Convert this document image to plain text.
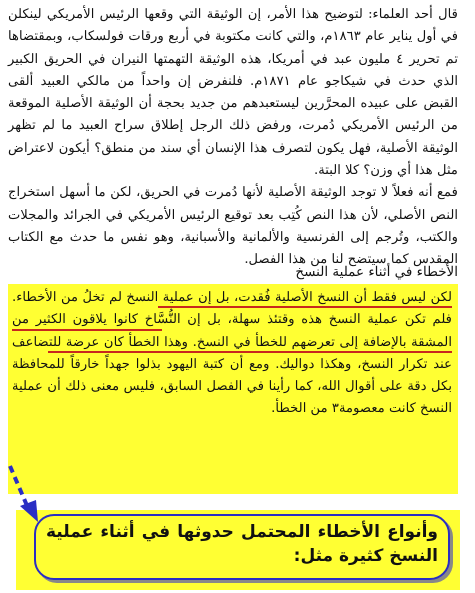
قال أحد العلماء: لتوضيح هذا الأمر، إن الوثيقة التي وقعها الرئيس الأمريكي لينكلن في أول يناير عام ١٨٦٣م، والتي كانت مكتوبة في أربع ورقات فولسكاب، وبمقتضاها تم تحرير ٤ مليون عبد في أمريكا، هذه الوثيقة التهمتها النيران في الحريق الكبير الذي حدث في شيكاجو عام ١٨٧١م. فلنفرض إن واحداً من مالكي العبيد ألقى القبض على عبيده المحرَّرين ليستعبدهم من جديد بحجة أن الوثيقة الأصلية الموقعة من الرئيس الأمريكي دُمرت، ورفض ذلك الرجل إطلاق سراح العبيد ما لم تظهر الوثيقة الأصلية، فهل يكون لتصرف هذا الإنسان أي سند من منطق؟ أيكون لاعتراض مثل هذا أي وزن؟ كلا البتة.

فمع أنه فعلاً لا توجد الوثيقة الأصلية لأنها دُمرت في الحريق، لكن ما أسهل استخراج النص الأصلي، لأن هذا النص كُتِب بعد توقيع الرئيس الأمريكي في الجرائد والمجلات والكتب، وتُرجم إلى الفرنسية والألمانية والأسبانية، وهو نفس ما حدث مع الكتاب المقدس كما سيتضح لنا من هذا الفصل.

الأخطاء في أثناء عملية النسخ

لكن ليس فقط أن النسخ الأصلية فُقدت، بل إن عملية النسخ لم تخلُ من الأخطاء. فلم تكن عملية النسخ هذه وقتئذ سهلة، بل إن النُّسَّاخ كانوا يلاقون الكثير من المشقة بالإضافة إلى تعرضهم للخطأ في النسخ. وهذا الخطأ كان عرضة للتضاعف عند تكرار النسخ، وهكذا دواليك. ومع أن كتبة اليهود بذلوا جهداً خارقاً للمحافظة بكل دقة على أقوال الله، كما رأينا في الفصل السابق، فليس معنى ذلك أن عملية النسخ كانت معصومة٣ من الخطأ.

وأنواع الأخطاء المحتمل حدوثها في أثناء عملية النسخ كثيرة مثل:
